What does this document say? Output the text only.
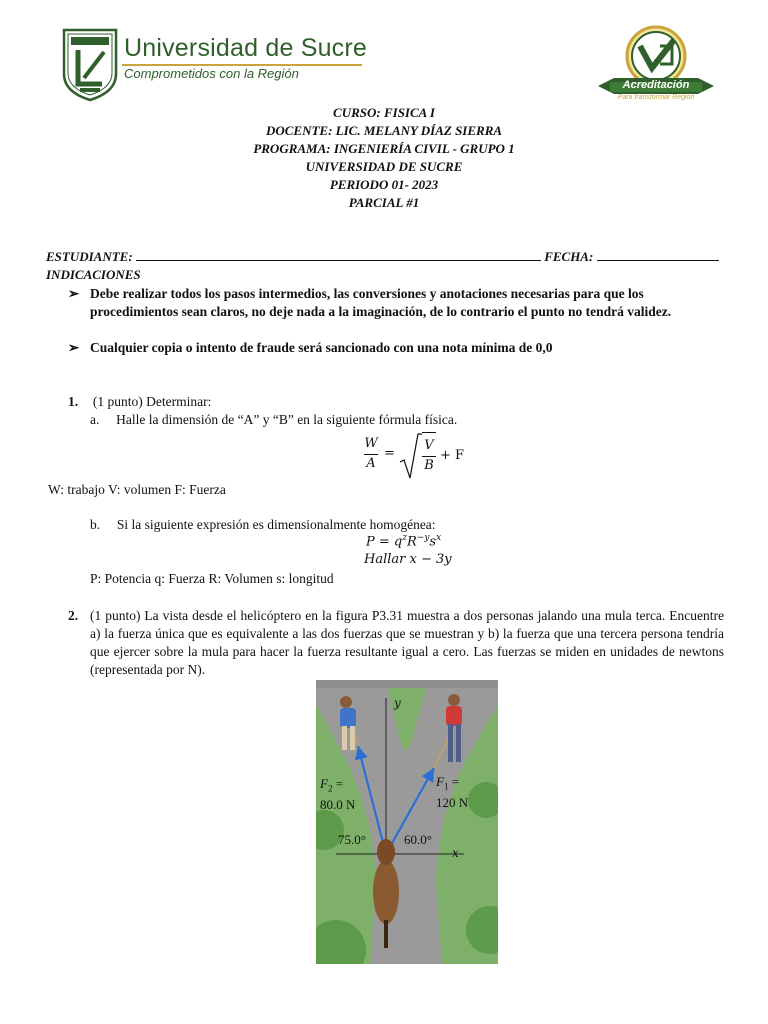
Universidad de Sucre
Comprometidos con la Región
Acreditación
Para transformar Región
CURSO: FISICA I
DOCENTE: LIC. MELANY DÍAZ SIERRA
PROGRAMA: INGENIERÍA CIVIL - GRUPO 1
UNIVERSIDAD DE SUCRE
PERIODO 01- 2023
PARCIAL #1
ESTUDIANTE:	FECHA:
INDICACIONES
➢ Debe realizar todos los pasos intermedios, las conversiones y anotaciones necesarias para que los procedimientos sean claros, no deje nada a la imaginación, de lo contrario el punto no tendrá validez.
➢ Cualquier copia o intento de fraude será sancionado con una nota mínima de 0,0
1. (1 punto) Determinar:
a. Halle la dimensión de “A” y “B” en la siguiente fórmula física.
W
A
=
V
B
+ F
W: trabajo V: volumen F: Fuerza
b. Si la siguiente expresión es dimensionalmente homogénea:
$P = q^zR^{-y}s^x$
Hallar x − 3y
P: Potencia q: Fuerza R: Volumen s: longitud
2. (1 punto) La vista desde el helicóptero en la figura P3.31 muestra a dos personas jalando una mula terca. Encuentre a) la fuerza única que es equivalente a las dos fuerzas que se muestran y b) la fuerza que una tercera persona tendría que ejercer sobre la mula para hacer la fuerza resultante igual a cero. Las fuerzas se miden en unidades de newtons (representada por N).
y
x
$F_2$ =
80.0 N
$F_1$ =
120 N
75.0°	60.0°
